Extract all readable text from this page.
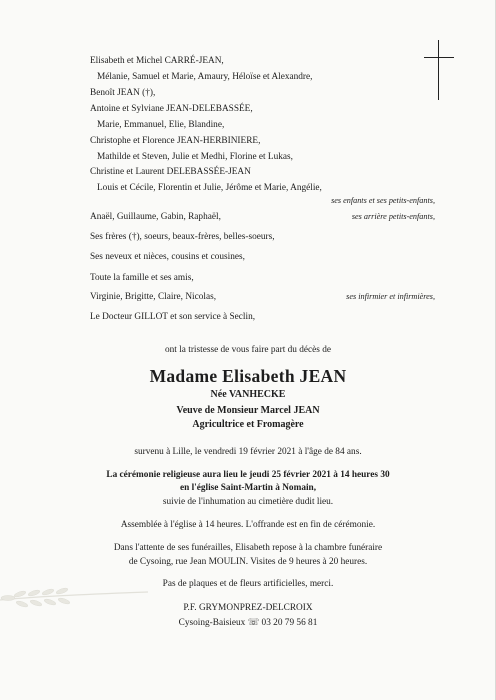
Elisabeth et Michel CARRÉ-JEAN,
Mélanie, Samuel et Marie, Amaury, Héloïse et Alexandre,
Benoît JEAN (†),
Antoine et Sylviane JEAN-DELEBASSÉE,
Marie, Emmanuel, Elie, Blandine,
Christophe et Florence JEAN-HERBINIERE,
Mathilde et Steven, Julie et Medhi, Florine et Lukas,
Christine et Laurent DELEBASSÉE-JEAN
Louis et Cécile, Florentin et Julie, Jérôme et Marie, Angélie,
ses enfants et ses petits-enfants,
Anaël, Guillaume, Gabin, Raphaël,	ses arrière petits-enfants,
Ses frères (†), soeurs, beaux-frères, belles-soeurs,
Ses neveux et nièces, cousins et cousines,
Toute la famille et ses amis,
Virginie, Brigitte, Claire, Nicolas,	ses infirmier et infirmières,
Le Docteur GILLOT et son service à Seclin,
ont la tristesse de vous faire part du décès de
Madame Elisabeth JEAN
Née VANHECKE
Veuve de Monsieur Marcel JEAN
Agricultrice et Fromagère
survenu à Lille, le vendredi 19 février 2021 à l'âge de 84 ans.
La cérémonie religieuse aura lieu le jeudi 25 février 2021 à 14 heures 30
en l'église Saint-Martin à Nomain,
suivie de l'inhumation au cimetière dudit lieu.
Assemblée à l'église à 14 heures. L'offrande est en fin de cérémonie.
Dans l'attente de ses funérailles, Elisabeth repose à la chambre funéraire
de Cysoing, rue Jean MOULIN. Visites de 9 heures à 20 heures.
Pas de plaques et de fleurs artificielles, merci.
P.F. GRYMONPREZ-DELCROIX
Cysoing-Baisieux ☏ 03 20 79 56 81
